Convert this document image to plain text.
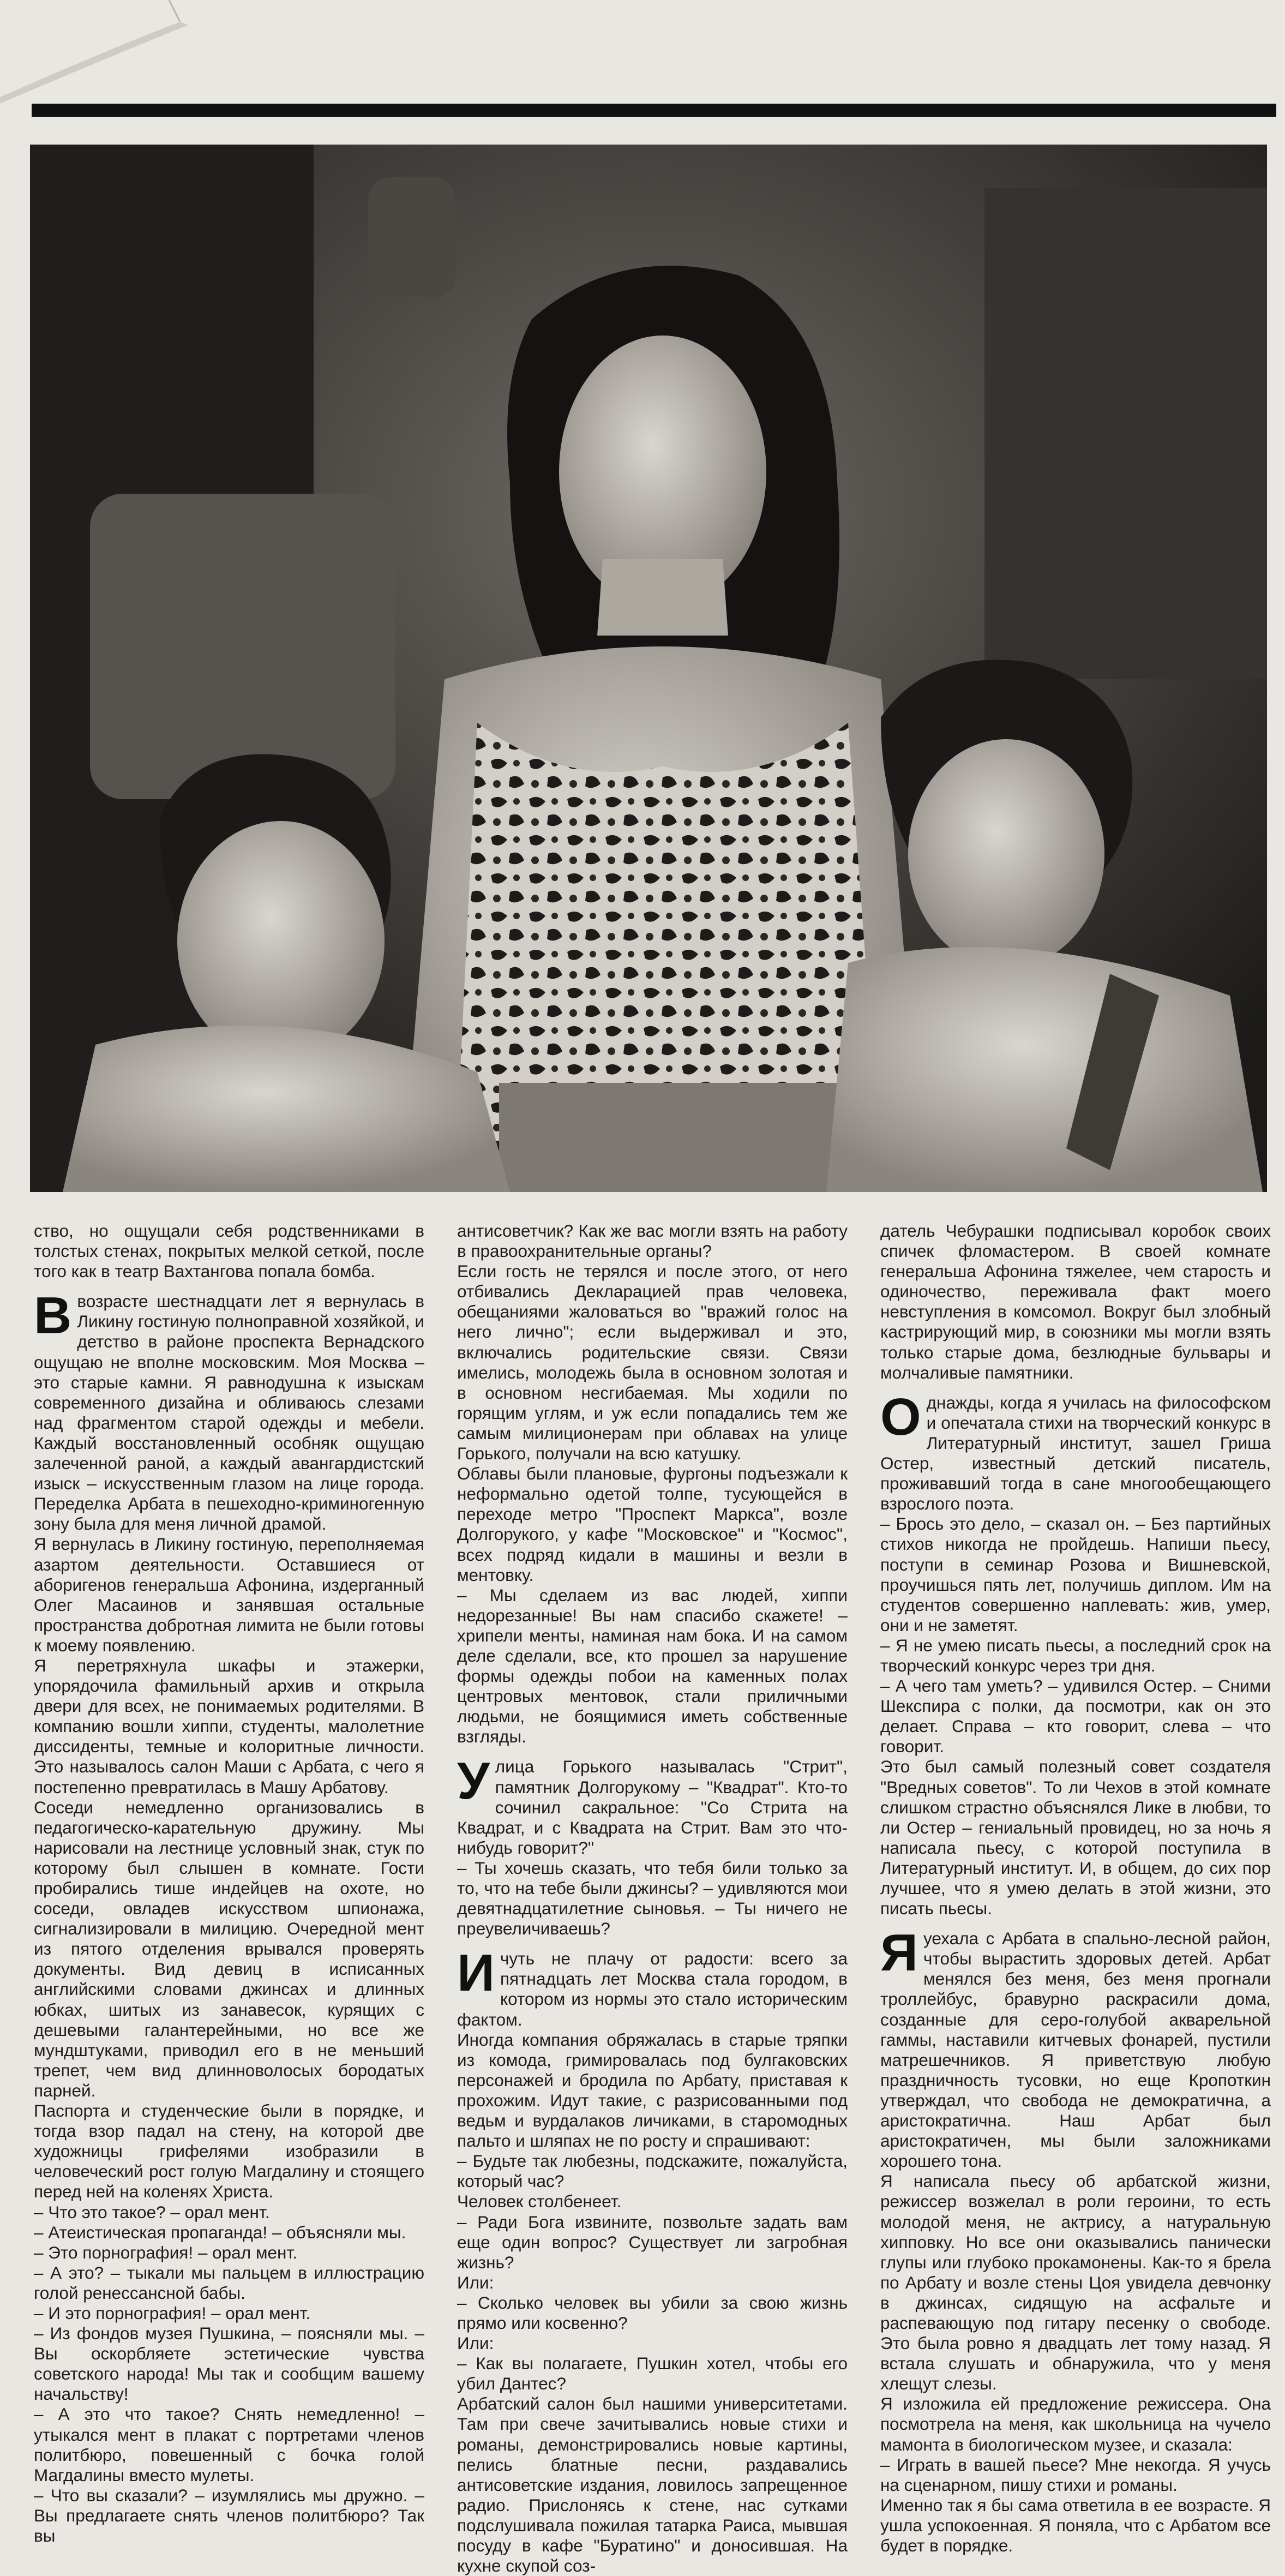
ство, но ощущали себя родственниками в толстых стенах, покрытых мелкой сеткой, после того как в театр Вахтангова попала бомба.

В возрасте шестнадцати лет я вернулась в Ликину гостиную полноправной хозяйкой, и детство в районе проспекта Вернадского ощущаю не вполне московским. Моя Москва – это старые камни. Я равнодушна к изыскам современного дизайна и обливаюсь слезами над фрагментом старой одежды и мебели. Каждый восстановленный особняк ощущаю залеченной раной, а каждый авангардистский изыск – искусственным глазом на лице города. Переделка Арбата в пешеходно-криминогенную зону была для меня личной драмой.

Я вернулась в Ликину гостиную, переполняемая азартом деятельности. Оставшиеся от аборигенов генеральша Афонина, издерганный Олег Масаинов и занявшая остальные пространства добротная лимита не были готовы к моему появлению.

Я перетряхнула шкафы и этажерки, упорядочила фамильный архив и открыла двери для всех, не понимаемых родителями. В компанию вошли хиппи, студенты, малолетние диссиденты, темные и колоритные личности. Это называлось салон Маши с Арбата, с чего я постепенно превратилась в Машу Арбатову.

Соседи немедленно организовались в педагогическо-карательную дружину. Мы нарисовали на лестнице условный знак, стук по которому был слышен в комнате. Гости пробирались тише индейцев на охоте, но соседи, овладев искусством шпионажа, сигнализировали в милицию. Очередной мент из пятого отделения врывался проверять документы. Вид девиц в исписанных английскими словами джинсах и длинных юбках, шитых из занавесок, курящих с дешевыми галантерейными, но все же мундштуками, приводил его в не меньший трепет, чем вид длинноволосых бородатых парней.

Паспорта и студенческие были в порядке, и тогда взор падал на стену, на которой две художницы грифелями изобразили в человеческий рост голую Магдалину и стоящего перед ней на коленях Христа.

– Что это такое? – орал мент.

– Атеистическая пропаганда! – объясняли мы.

– Это порнография! – орал мент.

– А это? – тыкали мы пальцем в иллюстрацию голой ренессансной бабы.

– И это порнография! – орал мент.

– Из фондов музея Пушкина, – поясняли мы. – Вы оскорбляете эстетические чувства советского народа! Мы так и сообщим вашему начальству!

– А это что такое? Снять немедленно! – утыкался мент в плакат с портретами членов политбюро, повешенный с бочка голой Магдалины вместо мулеты.

– Что вы сказали? – изумлялись мы дружно. – Вы предлагаете снять членов политбюро? Так вы

антисоветчик? Как же вас могли взять на работу в правоохранительные органы?

Если гость не терялся и после этого, от него отбивались Декларацией прав человека, обещаниями жаловаться во "вражий голос на него лично"; если выдерживал и это, включались родительские связи. Связи имелись, молодежь была в основном золотая и в основном несгибаемая. Мы ходили по горящим углям, и уж если попадались тем же самым милиционерам при облавах на улице Горького, получали на всю катушку.

Облавы были плановые, фургоны подъезжали к неформально одетой толпе, тусующейся в переходе метро "Проспект Маркса", возле Долгорукого, у кафе "Московское" и "Космос", всех подряд кидали в машины и везли в ментовку.

– Мы сделаем из вас людей, хиппи недорезанные! Вы нам спасибо скажете! – хрипели менты, наминая нам бока. И на самом деле сделали, все, кто прошел за нарушение формы одежды побои на каменных полах центровых ментовок, стали приличными людьми, не боящимися иметь собственные взгляды.

Улица Горького называлась "Стрит", памятник Долгорукому – "Квадрат". Кто-то сочинил сакральное: "Со Стрита на Квадрат, и с Квадрата на Стрит. Вам это что-нибудь говорит?"

– Ты хочешь сказать, что тебя били только за то, что на тебе были джинсы? – удивляются мои девятнадцатилетние сыновья. – Ты ничего не преувеличиваешь?

И чуть не плачу от радости: всего за пятнадцать лет Москва стала городом, в котором из нормы это стало историческим фактом.

Иногда компания обряжалась в старые тряпки из комода, гримировалась под булгаковских персонажей и бродила по Арбату, приставая к прохожим. Идут такие, с разрисованными под ведьм и вурдалаков личиками, в старомодных пальто и шляпах не по росту и спрашивают:

– Будьте так любезны, подскажите, пожалуйста, который час?

Человек столбенеет.

– Ради Бога извините, позвольте задать вам еще один вопрос? Существует ли загробная жизнь?

Или:

– Сколько человек вы убили за свою жизнь прямо или косвенно?

Или:

– Как вы полагаете, Пушкин хотел, чтобы его убил Дантес?

Арбатский салон был нашими университетами. Там при свече зачитывались новые стихи и романы, демонстрировались новые картины, пелись блатные песни, раздавались антисоветские издания, ловилось запрещенное радио. Прислонясь к стене, нас сутками подслушивала пожилая татарка Раиса, мывшая посуду в кафе "Буратино" и доносившая. На кухне скупой соз-

датель Чебурашки подписывал коробок своих спичек фломастером. В своей комнате генеральша Афонина тяжелее, чем старость и одиночество, переживала факт моего невступления в комсомол. Вокруг был злобный кастрирующий мир, в союзники мы могли взять только старые дома, безлюдные бульвары и молчаливые памятники.

Однажды, когда я училась на философском и опечатала стихи на творческий конкурс в Литературный институт, зашел Гриша Остер, известный детский писатель, проживавший тогда в сане многообещающего взрослого поэта.

– Брось это дело, – сказал он. – Без партийных стихов никогда не пройдешь. Напиши пьесу, поступи в семинар Розова и Вишневской, проучишься пять лет, получишь диплом. Им на студентов совершенно наплевать: жив, умер, они и не заметят.

– Я не умею писать пьесы, а последний срок на творческий конкурс через три дня.

– А чего там уметь? – удивился Остер. – Сними Шекспира с полки, да посмотри, как он это делает. Справа – кто говорит, слева – что говорит.

Это был самый полезный совет создателя "Вредных советов". То ли Чехов в этой комнате слишком страстно объяснялся Лике в любви, то ли Остер – гениальный провидец, но за ночь я написала пьесу, с которой поступила в Литературный институт. И, в общем, до сих пор лучшее, что я умею делать в этой жизни, это писать пьесы.

Я уехала с Арбата в спально-лесной район, чтобы вырастить здоровых детей. Арбат менялся без меня, без меня прогнали троллейбус, бравурно раскрасили дома, созданные для серо-голубой акварельной гаммы, наставили китчевых фонарей, пустили матрешечников. Я приветствую любую праздничность тусовки, но еще Кропоткин утверждал, что свобода не демократична, а аристократична. Наш Арбат был аристократичен, мы были заложниками хорошего тона.

Я написала пьесу об арбатской жизни, режиссер возжелал в роли героини, то есть молодой меня, не актрису, а натуральную хипповку. Но все они оказывались панически глупы или глубоко прокамонены. Как-то я брела по Арбату и возле стены Цоя увидела девчонку в джинсах, сидящую на асфальте и распевающую под гитару песенку о свободе. Это была ровно я двадцать лет тому назад. Я встала слушать и обнаружила, что у меня хлещут слезы.

Я изложила ей предложение режиссера. Она посмотрела на меня, как школьница на чучело мамонта в биологическом музее, и сказала:

– Играть в вашей пьесе? Мне некогда. Я учусь на сценарном, пишу стихи и романы.

Именно так я бы сама ответила в ее возрасте. Я ушла успокоенная. Я поняла, что с Арбатом все будет в порядке.
